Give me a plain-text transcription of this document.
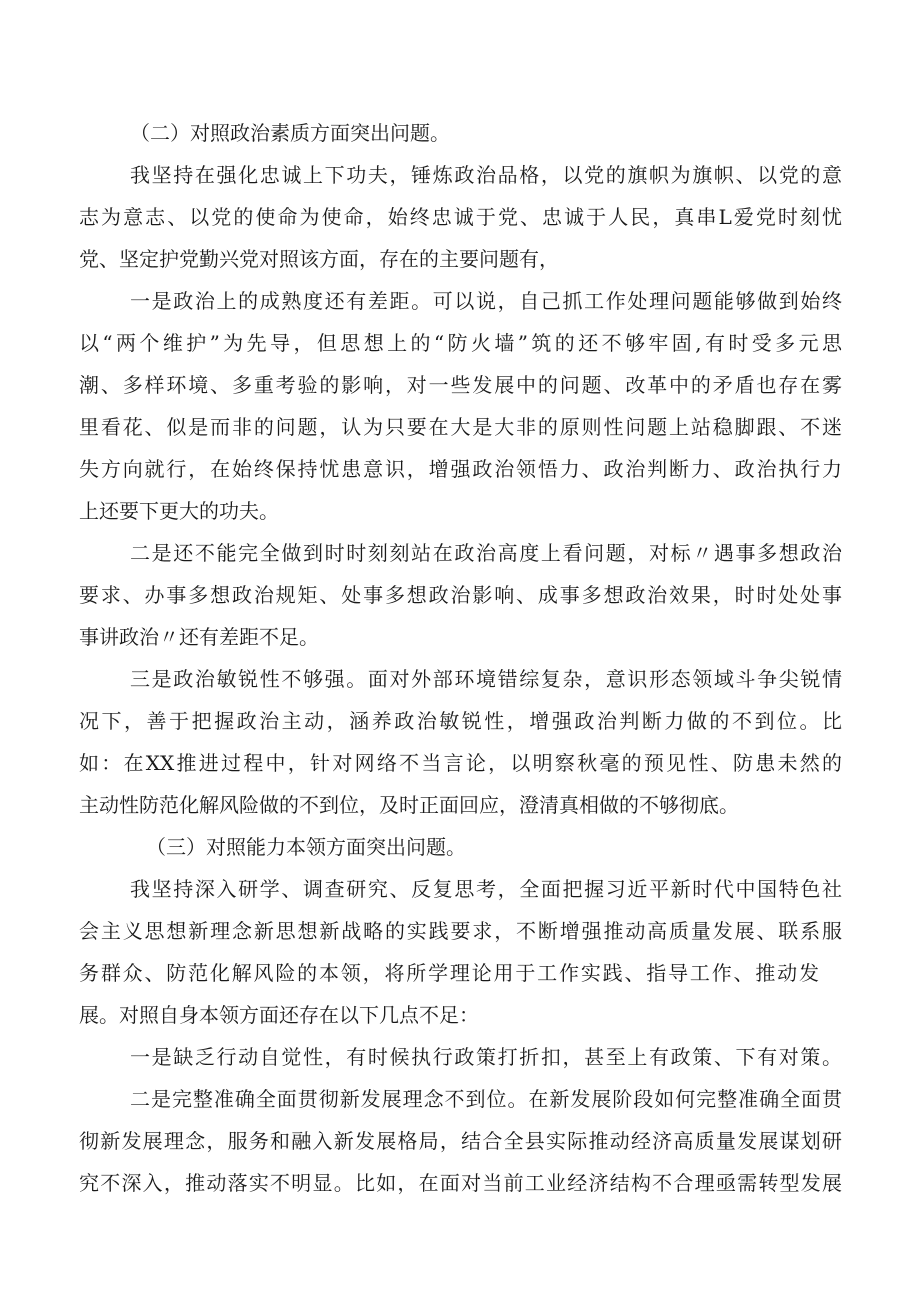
（二）对照政治素质方面突出问题。

我坚持在强化忠诚上下功夫，锤炼政治品格，以党的旗帜为旗帜、以党的意

志为意志、以党的使命为使命，始终忠诚于党、忠诚于人民，真串L爱党时刻忧

党、坚定护党勤兴党对照该方面，存在的主要问题有，

一是政治上的成熟度还有差距。可以说，自己抓工作处理问题能够做到始终

以“两个维护”为先导，但思想上的“防火墙”筑的还不够牢固,有时受多元思

潮、多样环境、多重考验的影响，对一些发展中的问题、改革中的矛盾也存在雾

里看花、似是而非的问题，认为只要在大是大非的原则性问题上站稳脚跟、不迷

失方向就行，在始终保持忧患意识，增强政治领悟力、政治判断力、政治执行力

上还要下更大的功夫。

二是还不能完全做到时时刻刻站在政治高度上看问题，对标〃遇事多想政治

要求、办事多想政治规矩、处事多想政治影响、成事多想政治效果，时时处处事

事讲政治〃还有差距不足。

三是政治敏锐性不够强。面对外部环境错综复杂，意识形态领域斗争尖锐情

况下，善于把握政治主动，涵养政治敏锐性，增强政治判断力做的不到位。比

如：在XX推进过程中，针对网络不当言论，以明察秋毫的预见性、防患未然的

主动性防范化解风险做的不到位，及时正面回应，澄清真相做的不够彻底。

（三）对照能力本领方面突出问题。

我坚持深入研学、调查研究、反复思考，全面把握习近平新时代中国特色社

会主义思想新理念新思想新战略的实践要求，不断增强推动高质量发展、联系服

务群众、防范化解风险的本领，将所学理论用于工作实践、指导工作、推动发

展。对照自身本领方面还存在以下几点不足：

一是缺乏行动自觉性，有时候执行政策打折扣，甚至上有政策、下有对策。

二是完整准确全面贯彻新发展理念不到位。在新发展阶段如何完整准确全面贯

彻新发展理念，服务和融入新发展格局，结合全县实际推动经济高质量发展谋划研

究不深入，推动落实不明显。比如，在面对当前工业经济结构不合理亟需转型发展
